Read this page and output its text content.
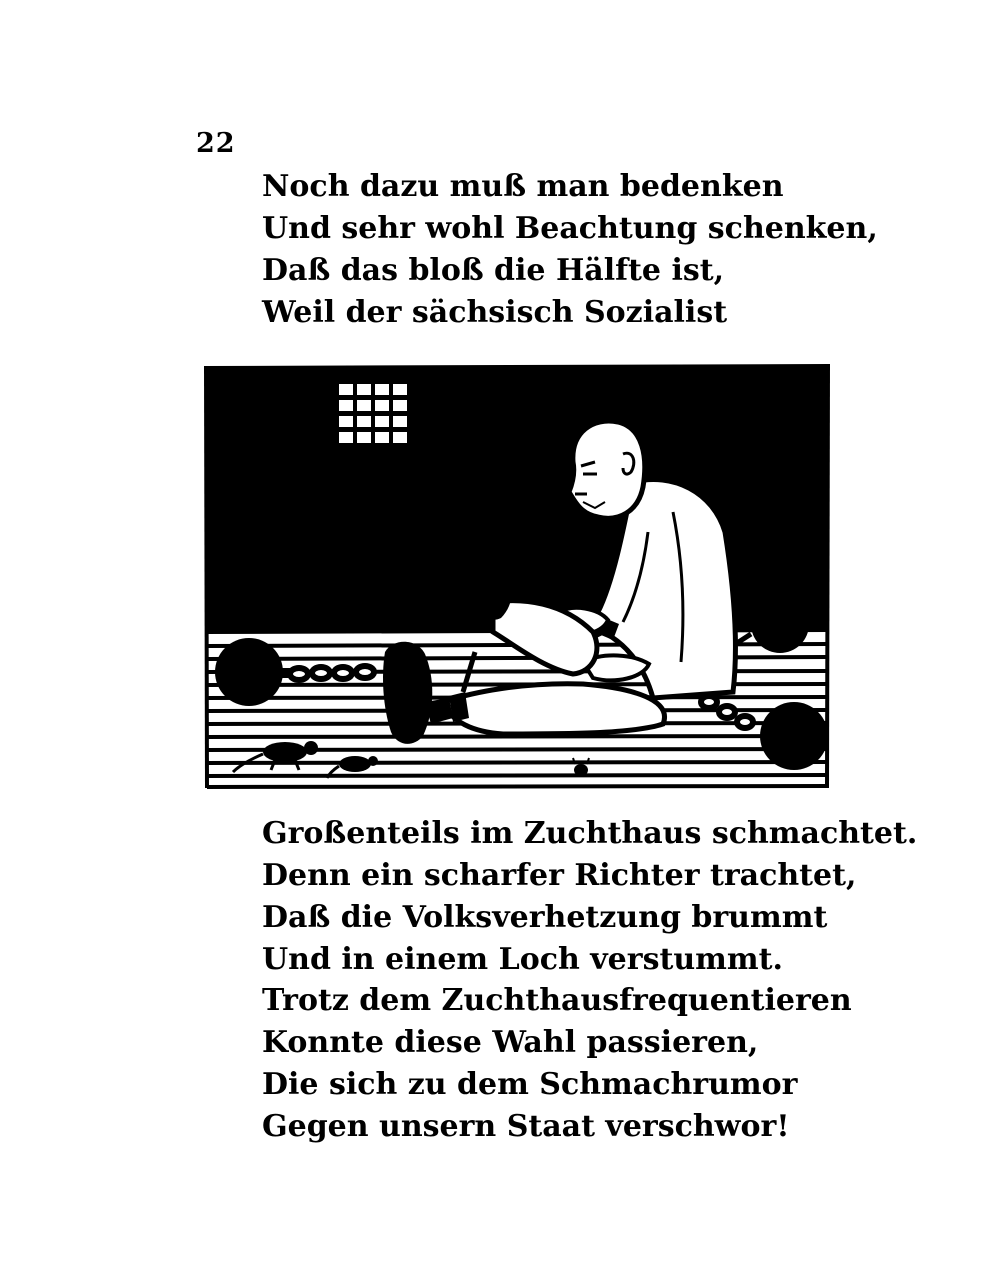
22
Noch dazu muß man bedenken
Und sehr wohl Beachtung schenken,
Daß das bloß die Hälfte ist,
Weil der sächsisch Sozialist
Großenteils im Zuchthaus schmachtet.
Denn ein scharfer Richter trachtet,
Daß die Volksverhetzung brummt
Und in einem Loch verstummt.
Trotz dem Zuchthausfrequentieren
Konnte diese Wahl passieren,
Die sich zu dem Schmachrumor
Gegen unsern Staat verschwor!
